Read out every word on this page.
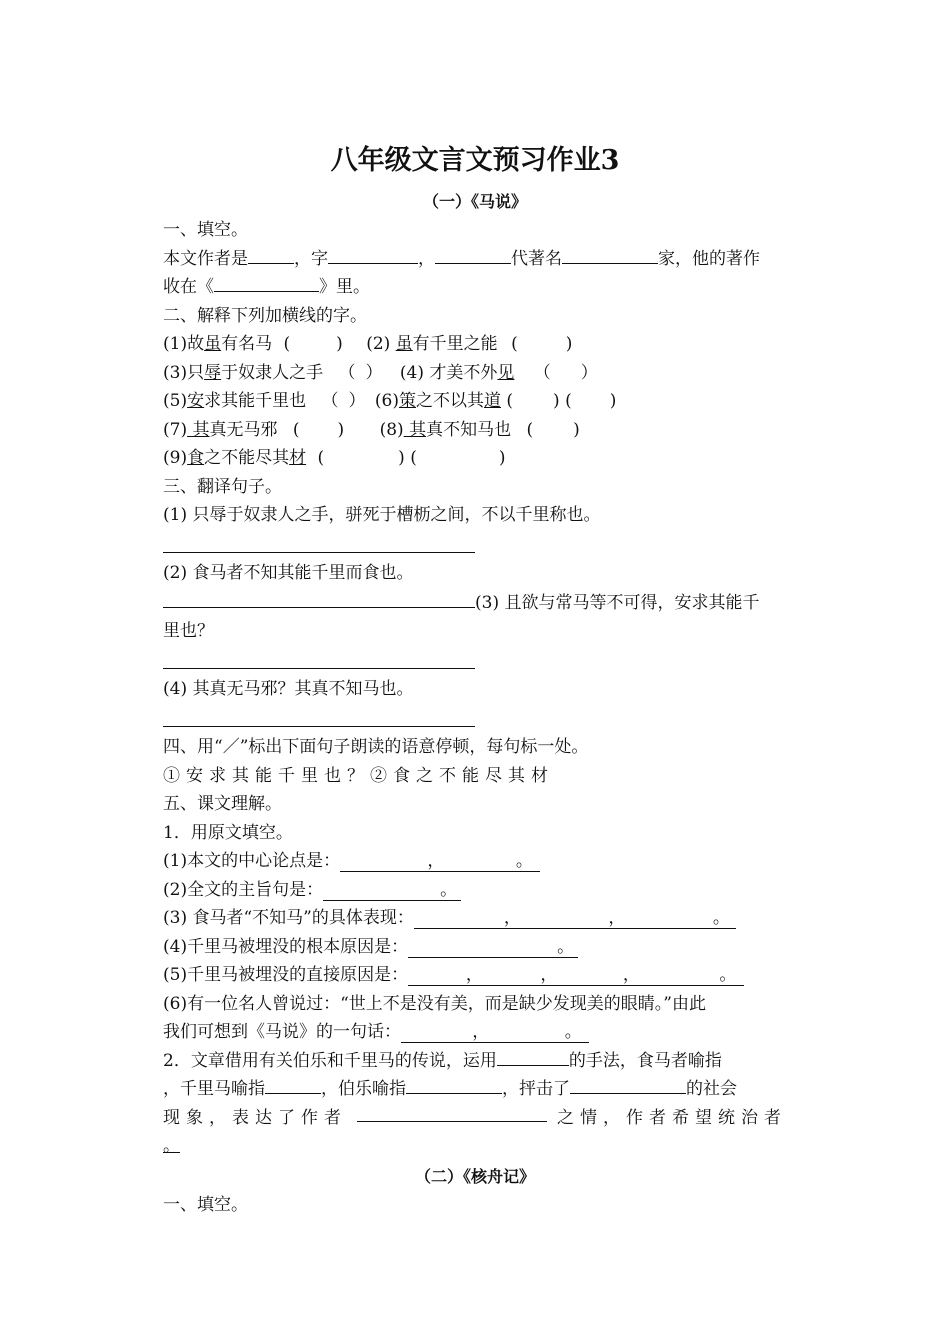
八年级文言文预习作业3
（一）《马说》
一、填空。
本文作者是	，字	，	代著名	家，他的著作
收在《	》里。
二、解释下列加横线的字。
(1)故虽有名马 (	) (2) 虽有千里之能 (	)
(3)只辱于奴隶人之手 （ ） (4) 才美不外见 （ ）
(5)安求其能千里也 （ ） (6)策之不以其道 ( ) ( )
(7) 其真无马邪 ( ) (8) 其真不知马也 ( )
(9)食之不能尽其材 (	) (	)
三、翻译句子。
(1) 只辱于奴隶人之手，骈死于槽枥之间，不以千里称也。
(2) 食马者不知其能千里而食也。
(3) 且欲与常马等不可得，安求其能千
里也？
(4) 其真无马邪？其真不知马也。
四、用“／”标出下面句子朗读的语意停顿，每句标一处。
①安求其能千里也？②食之不能尽其材
五、课文理解。
1．用原文填空。
(1)本文的中心论点是：	，	。
(2)全文的主旨句是：	。
(3) 食马者“不知马”的具体表现：	，	，	。
(4)千里马被埋没的根本原因是：	。
(5)千里马被埋没的直接原因是：	，	，	，	。
(6)有一位名人曾说过：“世上不是没有美，而是缺少发现美的眼睛。”由此
我们可想到《马说》的一句话：	，	。
2．文章借用有关伯乐和千里马的传说，运用	的手法，食马者喻指
，千里马喻指	，伯乐喻指	，抨击了	的社会
现象，表达了作者	之情，作者希望统治者
。
（二）《核舟记》
一、填空。
